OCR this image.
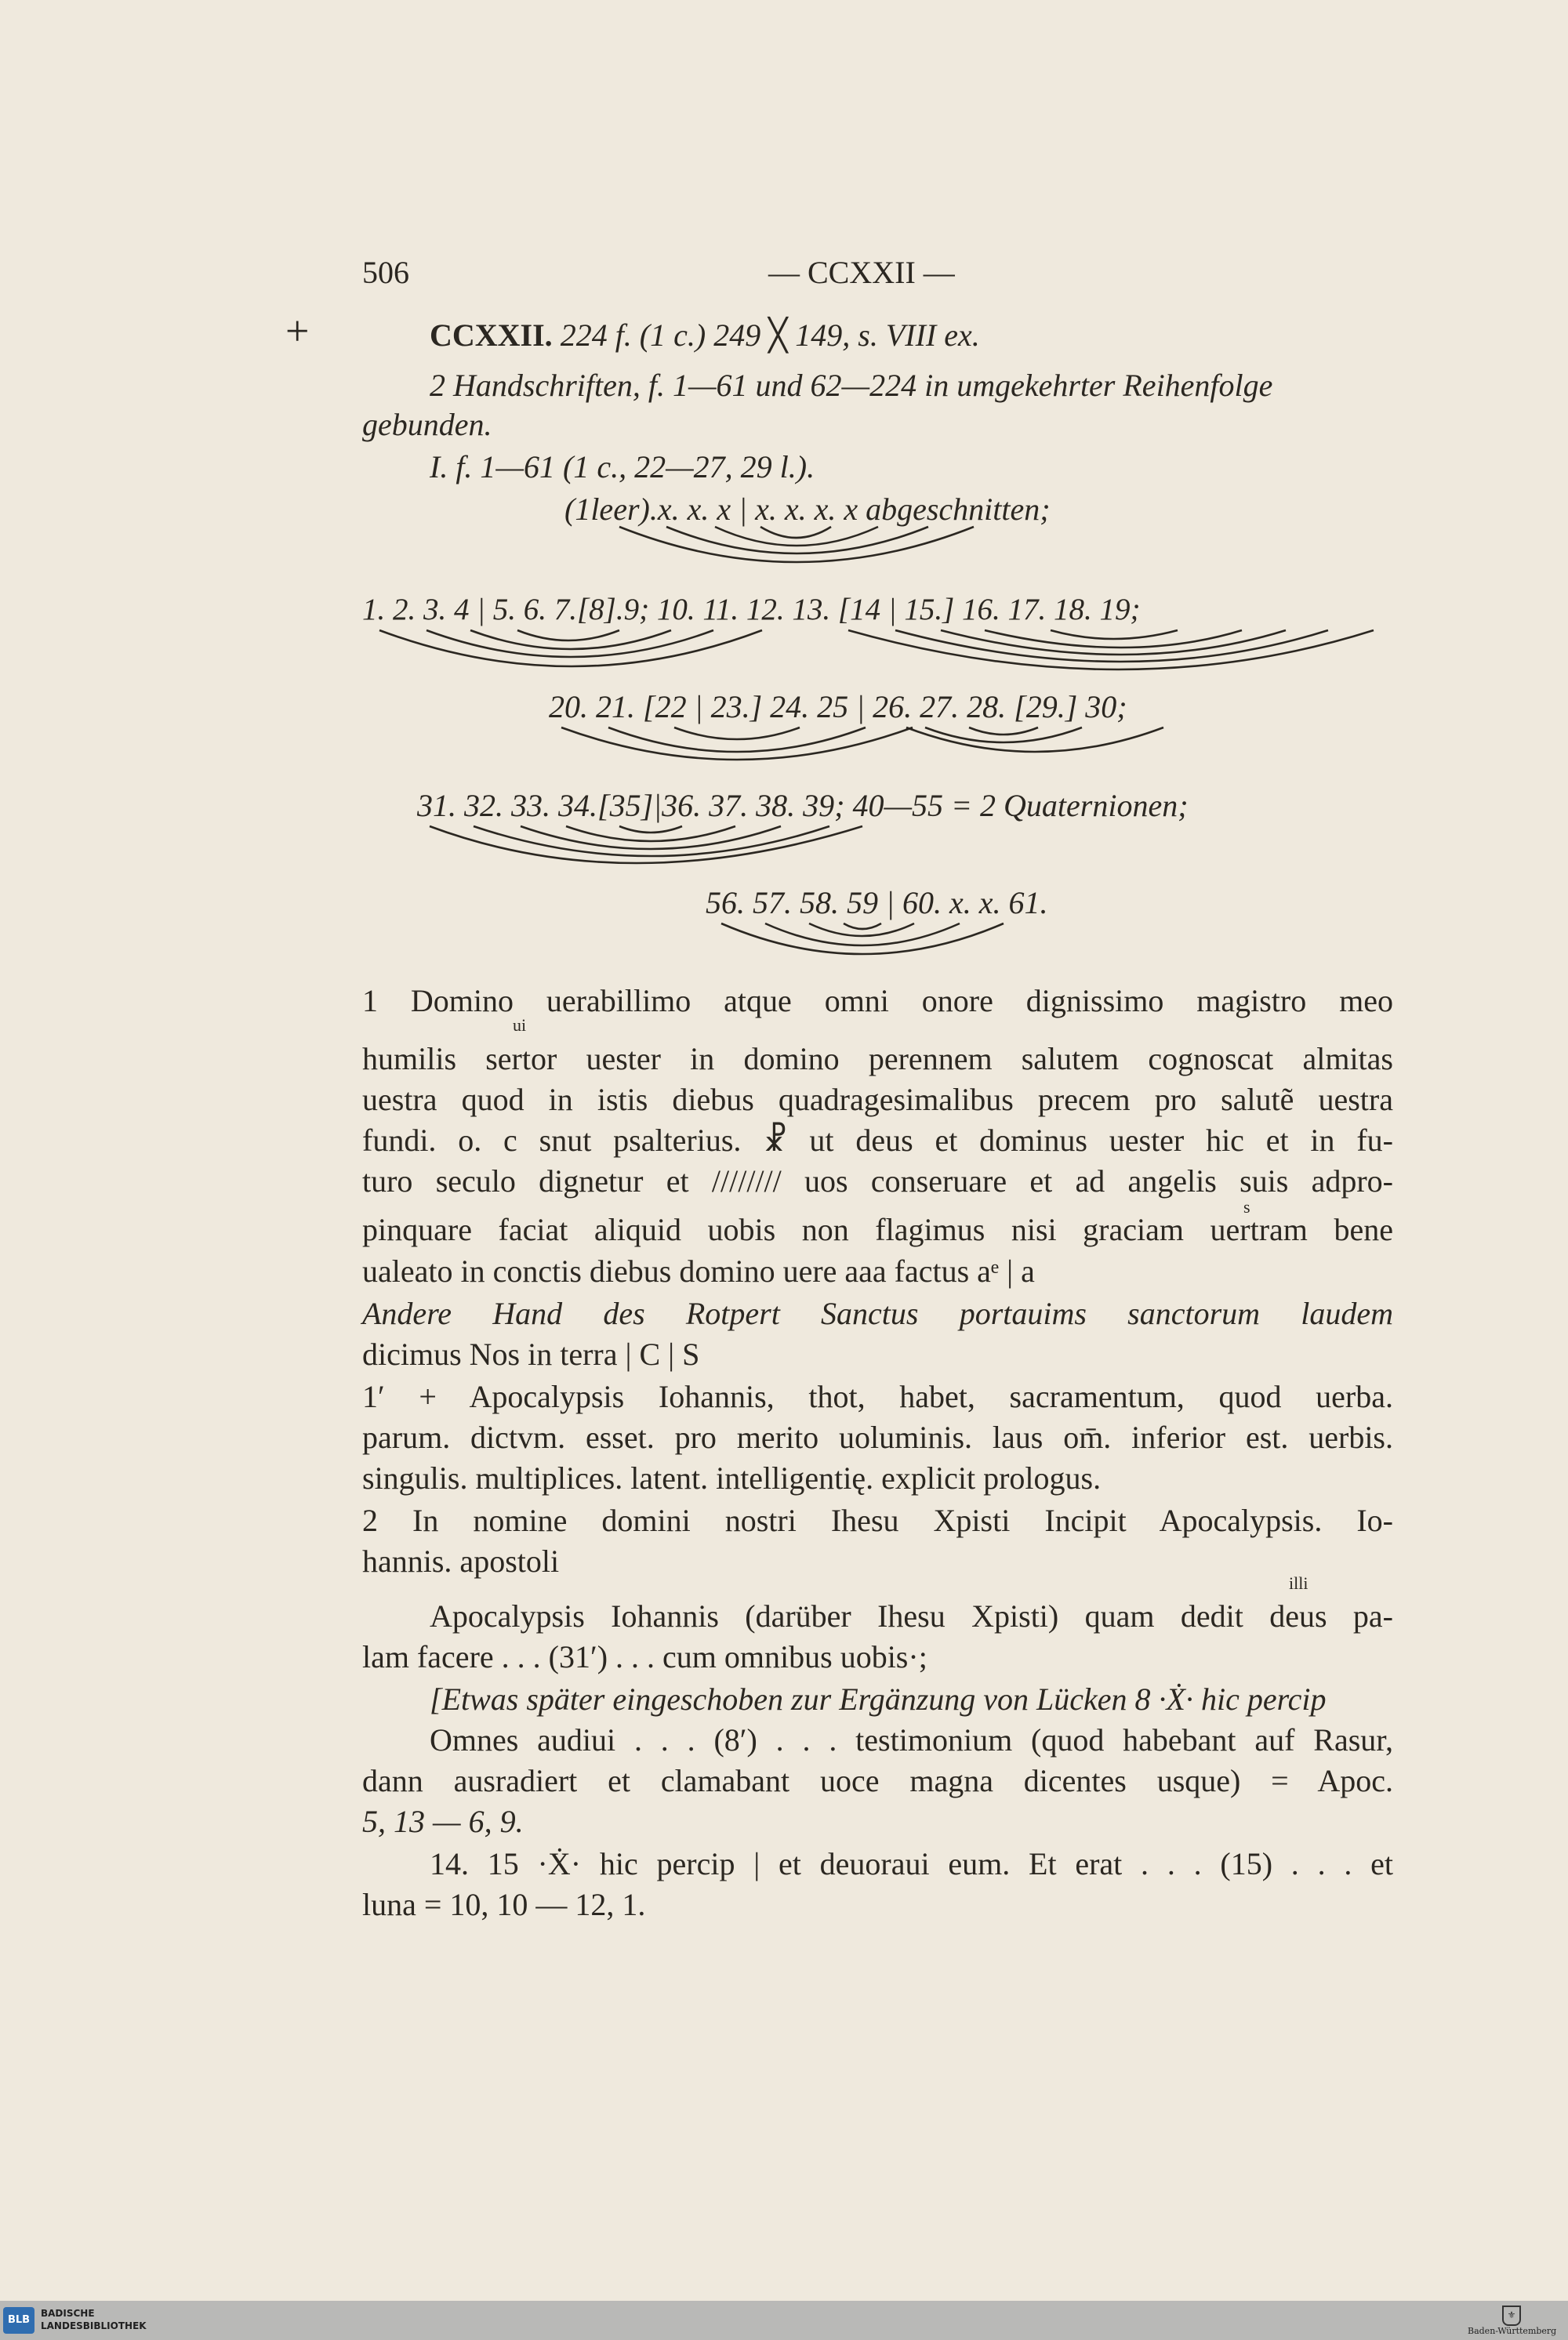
506	— CCXXII —
+	CCXXII. 224 f. (1 c.) 249 ╳ 149, s. VIII ex.
2 Handschriften, f. 1—61 und 62—224 in umgekehrter Reihenfolge
gebunden.
I. f. 1—61 (1 c., 22—27, 29 l.).
(1leer).x. x. x | x. x. x. x abgeschnitten;
1. 2. 3. 4 | 5. 6. 7.[8].9; 10. 11. 12. 13. [14 | 15.] 16. 17. 18. 19;
20. 21. [22 | 23.] 24. 25 | 26. 27. 28. [29.] 30;
31. 32. 33. 34.[35]|36. 37. 38. 39; 40—55 = 2 Quaternionen;
56. 57. 58. 59 | 60. x. x. 61.
1 Domino uerabillimo atque omni onore dignissimo magistro meo
ui
humilis sertor uester in domino perennem salutem cognoscat almitas
uestra quod in istis diebus quadragesimalibus precem pro salutẽ uestra
fundi. o. c snut psalterius. ☧ ut deus et dominus uester hic et in fu-
turo seculo dignetur et //////// uos conseruare et ad angelis suis adpro-
s
pinquare faciat aliquid uobis non flagimus nisi graciam uertram bene
ualeato in conctis diebus domino uere aaa factus aᵉ | a
Andere Hand des Rotpert Sanctus portauims sanctorum laudem
dicimus Nos in terra | C | S
1′ + Apocalypsis Iohannis, thot, habet, sacramentum, quod uerba.
parum. dictvm. esset. pro merito uoluminis. laus om̄. inferior est. uerbis.
singulis. multiplices. latent. intelligentię. explicit prologus.
2 In nomine domini nostri Ihesu Xpisti Incipit Apocalypsis. Io-
hannis. apostoli
illi
Apocalypsis Iohannis (darüber Ihesu Xpisti) quam dedit deus pa-
lam facere . . . (31′) . . . cum omnibus uobis·;
[Etwas später eingeschoben zur Ergänzung von Lücken 8 ·Ẋ· hic percip
Omnes audiui . . . (8′) . . . testimonium (quod habebant auf Rasur,
dann ausradiert et clamabant uoce magna dicentes usque) = Apoc.
5, 13 — 6, 9.
14. 15 ·Ẋ· hic percip | et deuoraui eum. Et erat . . . (15) . . . et
luna = 10, 10 — 12, 1.
BLB
BADISCHE
LANDESBIBLIOTHEK
⚜
Baden-Württemberg
